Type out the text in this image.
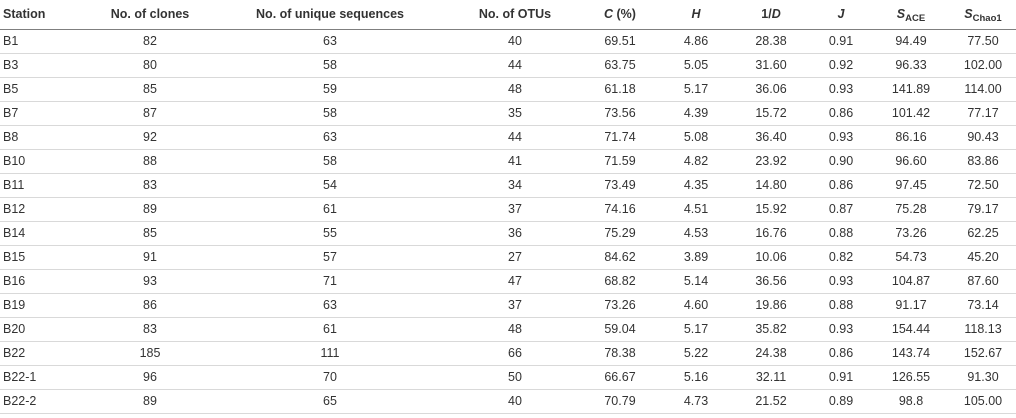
Station	No. of clones	No. of unique sequences	No. of OTUs	C (%)	H	1/D	J	$S_{ACE}$	$S_{Chao1}$
B1	82	63	40	69.51	4.86	28.38	0.91	94.49	77.50
B3	80	58	44	63.75	5.05	31.60	0.92	96.33	102.00
B5	85	59	48	61.18	5.17	36.06	0.93	141.89	114.00
B7	87	58	35	73.56	4.39	15.72	0.86	101.42	77.17
B8	92	63	44	71.74	5.08	36.40	0.93	86.16	90.43
B10	88	58	41	71.59	4.82	23.92	0.90	96.60	83.86
B11	83	54	34	73.49	4.35	14.80	0.86	97.45	72.50
B12	89	61	37	74.16	4.51	15.92	0.87	75.28	79.17
B14	85	55	36	75.29	4.53	16.76	0.88	73.26	62.25
B15	91	57	27	84.62	3.89	10.06	0.82	54.73	45.20
B16	93	71	47	68.82	5.14	36.56	0.93	104.87	87.60
B19	86	63	37	73.26	4.60	19.86	0.88	91.17	73.14
B20	83	61	48	59.04	5.17	35.82	0.93	154.44	118.13
B22	185	111	66	78.38	5.22	24.38	0.86	143.74	152.67
B22-1	96	70	50	66.67	5.16	32.11	0.91	126.55	91.30
B22-2	89	65	40	70.79	4.73	21.52	0.89	98.8	105.00
